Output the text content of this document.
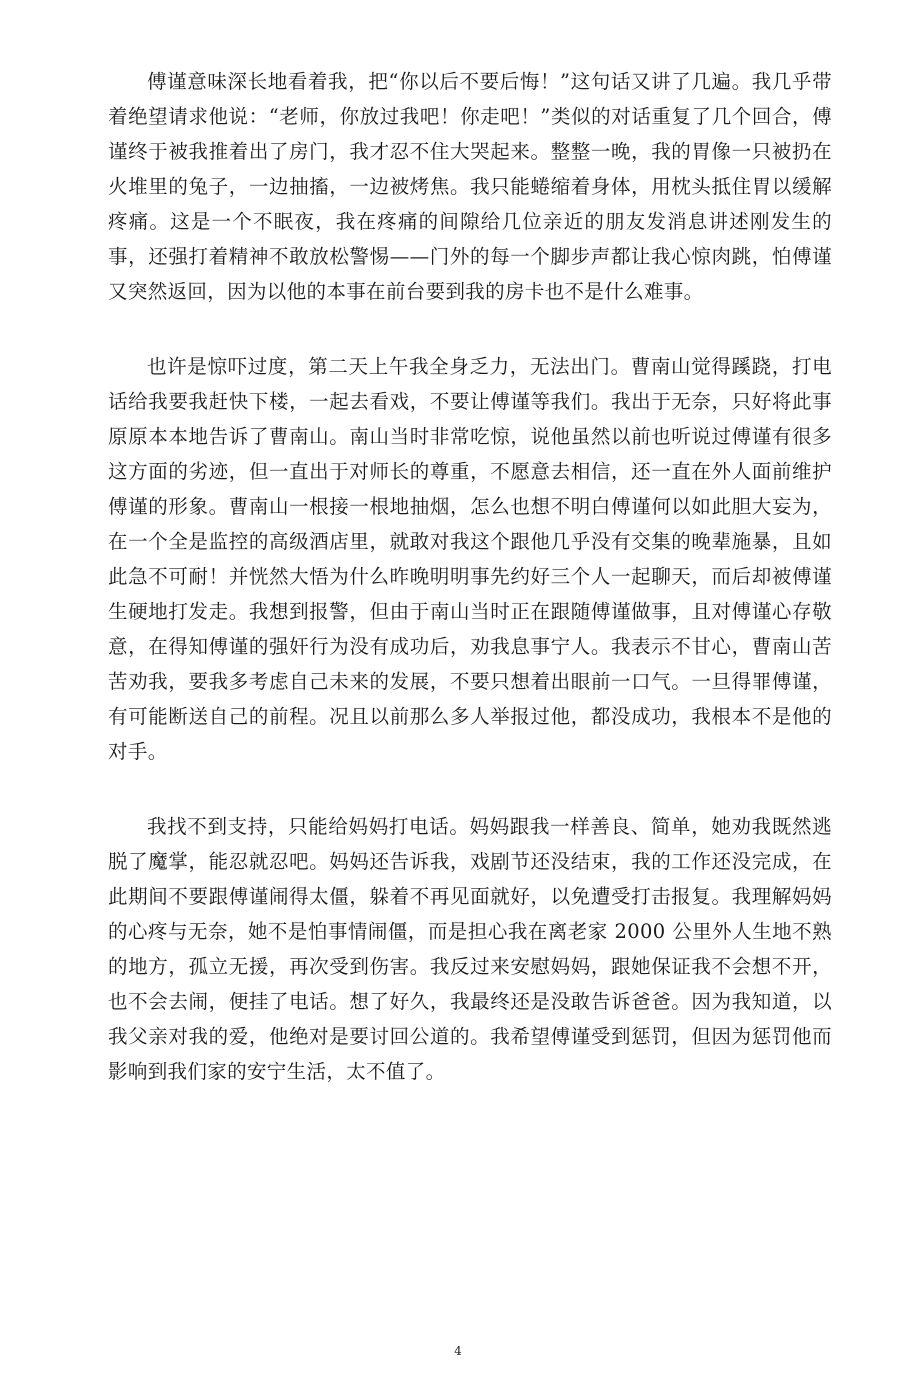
傅谨意味深长地看着我，把“你以后不要后悔！”这句话又讲了几遍。我几乎带着绝望请求他说：“老师，你放过我吧！你走吧！”类似的对话重复了几个回合，傅谨终于被我推着出了房门，我才忍不住大哭起来。整整一晚，我的胃像一只被扔在火堆里的兔子，一边抽搐，一边被烤焦。我只能蜷缩着身体，用枕头抵住胃以缓解疼痛。这是一个不眠夜，我在疼痛的间隙给几位亲近的朋友发消息讲述刚发生的事，还强打着精神不敢放松警惕——门外的每一个脚步声都让我心惊肉跳，怕傅谨又突然返回，因为以他的本事在前台要到我的房卡也不是什么难事。

也许是惊吓过度，第二天上午我全身乏力，无法出门。曹南山觉得蹊跷，打电话给我要我赶快下楼，一起去看戏，不要让傅谨等我们。我出于无奈，只好将此事原原本本地告诉了曹南山。南山当时非常吃惊，说他虽然以前也听说过傅谨有很多这方面的劣迹，但一直出于对师长的尊重，不愿意去相信，还一直在外人面前维护傅谨的形象。曹南山一根接一根地抽烟，怎么也想不明白傅谨何以如此胆大妄为，在一个全是监控的高级酒店里，就敢对我这个跟他几乎没有交集的晚辈施暴，且如此急不可耐！并恍然大悟为什么昨晚明明事先约好三个人一起聊天，而后却被傅谨生硬地打发走。我想到报警，但由于南山当时正在跟随傅谨做事，且对傅谨心存敬意，在得知傅谨的强奸行为没有成功后，劝我息事宁人。我表示不甘心，曹南山苦苦劝我，要我多考虑自己未来的发展，不要只想着出眼前一口气。一旦得罪傅谨，有可能断送自己的前程。况且以前那么多人举报过他，都没成功，我根本不是他的对手。

我找不到支持，只能给妈妈打电话。妈妈跟我一样善良、简单，她劝我既然逃脱了魔掌，能忍就忍吧。妈妈还告诉我，戏剧节还没结束，我的工作还没完成，在此期间不要跟傅谨闹得太僵，躲着不再见面就好，以免遭受打击报复。我理解妈妈的心疼与无奈，她不是怕事情闹僵，而是担心我在离老家 2000 公里外人生地不熟的地方，孤立无援，再次受到伤害。我反过来安慰妈妈，跟她保证我不会想不开，也不会去闹，便挂了电话。想了好久，我最终还是没敢告诉爸爸。因为我知道，以我父亲对我的爱，他绝对是要讨回公道的。我希望傅谨受到惩罚，但因为惩罚他而影响到我们家的安宁生活，太不值了。

4
